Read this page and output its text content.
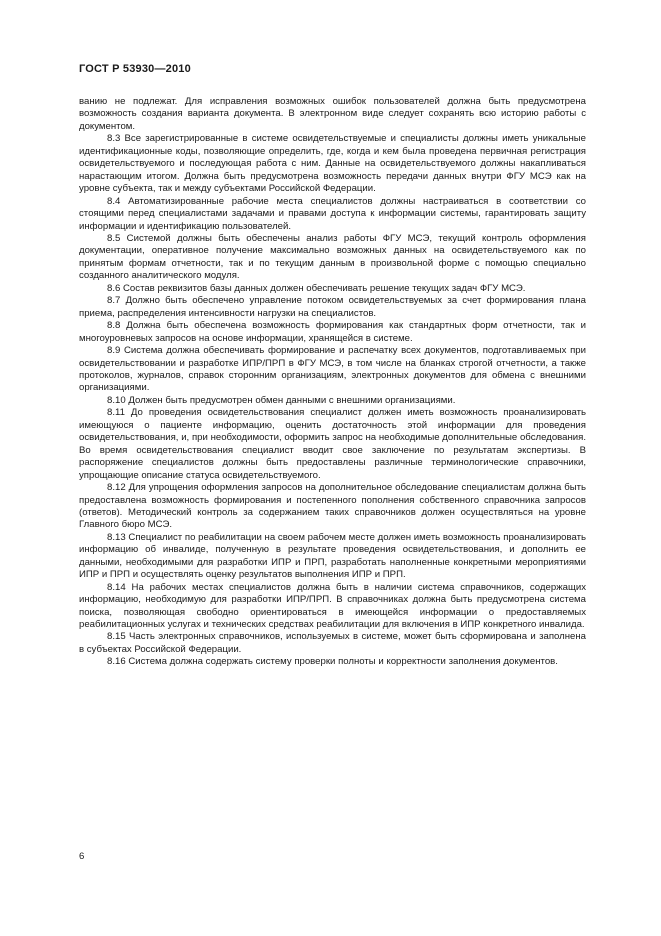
ГОСТ Р 53930—2010

ванию не подлежат. Для исправления возможных ошибок пользователей должна быть предусмотрена возможность создания варианта документа. В электронном виде следует сохранять всю историю работы с документом.

8.3 Все зарегистрированные в системе освидетельствуемые и специалисты должны иметь уникальные идентификационные коды, позволяющие определить, где, когда и кем была проведена первичная регистрация освидетельствуемого и последующая работа с ним. Данные на освидетельствуемого должны накапливаться нарастающим итогом. Должна быть предусмотрена возможность передачи данных внутри ФГУ МСЭ как на уровне субъекта, так и между субъектами Российской Федерации.

8.4 Автоматизированные рабочие места специалистов должны настраиваться в соответствии со стоящими перед специалистами задачами и правами доступа к информации системы, гарантировать защиту информации и идентификацию пользователей.

8.5 Системой должны быть обеспечены анализ работы ФГУ МСЭ, текущий контроль оформления документации, оперативное получение максимально возможных данных на освидетельствуемого как по принятым формам отчетности, так и по текущим данным в произвольной форме с помощью специально созданного аналитического модуля.

8.6 Состав реквизитов базы данных должен обеспечивать решение текущих задач ФГУ МСЭ.

8.7 Должно быть обеспечено управление потоком освидетельствуемых за счет формирования плана приема, распределения интенсивности нагрузки на специалистов.

8.8 Должна быть обеспечена возможность формирования как стандартных форм отчетности, так и многоуровневых запросов на основе информации, хранящейся в системе.

8.9 Система должна обеспечивать формирование и распечатку всех документов, подготавливаемых при освидетельствовании и разработке ИПР/ПРП в ФГУ МСЭ, в том числе на бланках строгой отчетности, а также протоколов, журналов, справок сторонним организациям, электронных документов для обмена с внешними организациями.

8.10 Должен быть предусмотрен обмен данными с внешними организациями.

8.11 До проведения освидетельствования специалист должен иметь возможность проанализировать имеющуюся о пациенте информацию, оценить достаточность этой информации для проведения освидетельствования, и, при необходимости, оформить запрос на необходимые дополнительные обследования. Во время освидетельствования специалист вводит свое заключение по результатам экспертизы. В распоряжение специалистов должны быть предоставлены различные терминологические справочники, упрощающие описание статуса освидетельствуемого.

8.12 Для упрощения оформления запросов на дополнительное обследование специалистам должна быть предоставлена возможность формирования и постепенного пополнения собственного справочника запросов (ответов). Методический контроль за содержанием таких справочников должен осуществляться на уровне Главного бюро МСЭ.

8.13 Специалист по реабилитации на своем рабочем месте должен иметь возможность проанализировать информацию об инвалиде, полученную в результате проведения освидетельствования, и дополнить ее данными, необходимыми для разработки ИПР и ПРП, разработать наполненные конкретными мероприятиями ИПР и ПРП и осуществлять оценку результатов выполнения ИПР и ПРП.

8.14 На рабочих местах специалистов должна быть в наличии система справочников, содержащих информацию, необходимую для разработки ИПР/ПРП. В справочниках должна быть предусмотрена система поиска, позволяющая свободно ориентироваться в имеющейся информации о предоставляемых реабилитационных услугах и технических средствах реабилитации для включения в ИПР конкретного инвалида.

8.15 Часть электронных справочников, используемых в системе, может быть сформирована и заполнена в субъектах Российской Федерации.

8.16 Система должна содержать систему проверки полноты и корректности заполнения документов.

6
